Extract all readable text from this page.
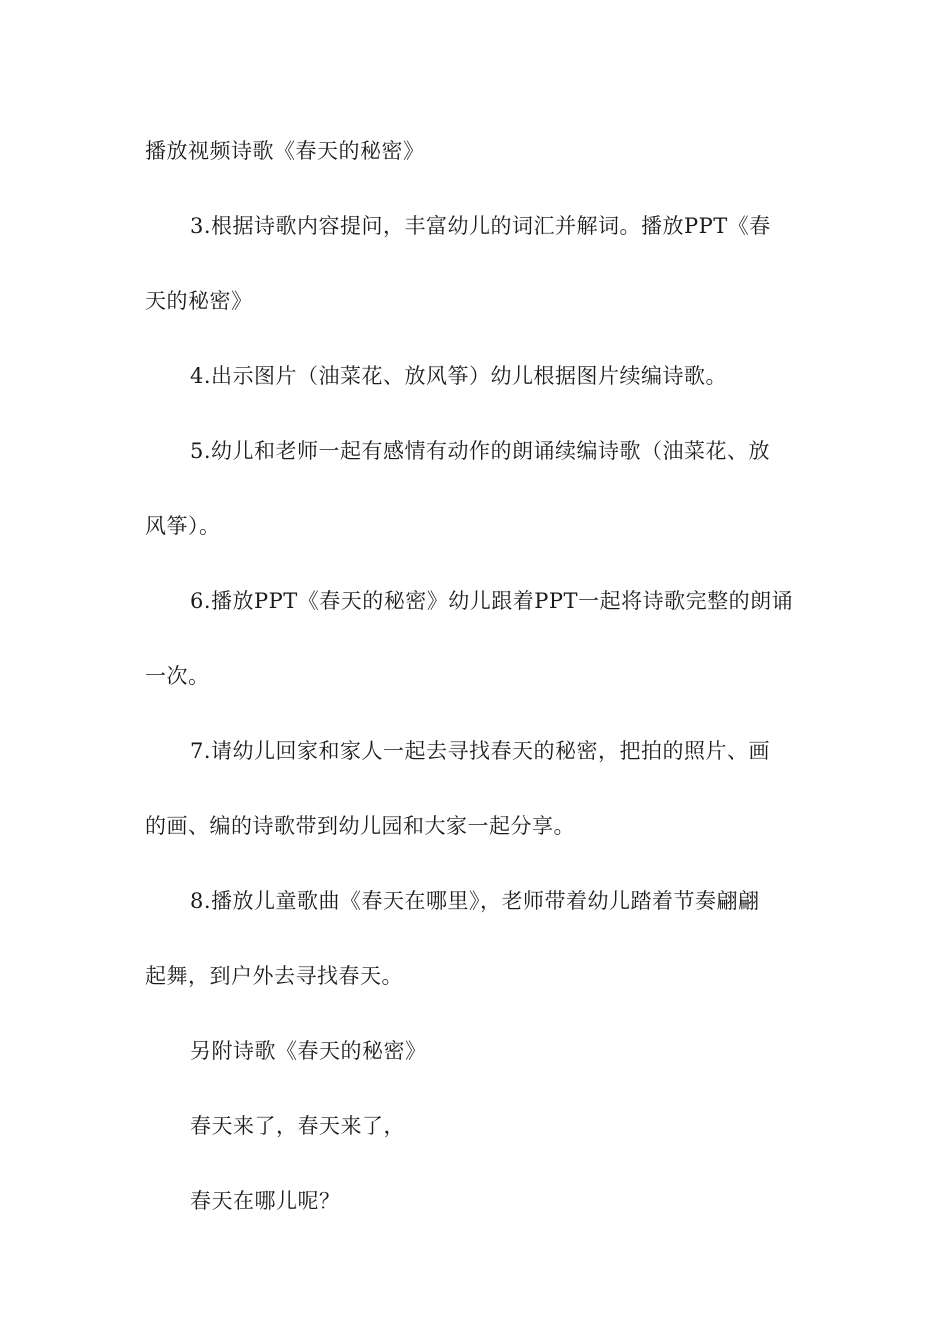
播放视频诗歌《春天的秘密》
3.根据诗歌内容提问，丰富幼儿的词汇并解词。播放PPT《春
天的秘密》
4.出示图片（油菜花、放风筝）幼儿根据图片续编诗歌。
5.幼儿和老师一起有感情有动作的朗诵续编诗歌（油菜花、放
风筝）。
6.播放PPT《春天的秘密》幼儿跟着PPT一起将诗歌完整的朗诵
一次。
7.请幼儿回家和家人一起去寻找春天的秘密，把拍的照片、画
的画、编的诗歌带到幼儿园和大家一起分享。
8.播放儿童歌曲《春天在哪里》，老师带着幼儿踏着节奏翩翩
起舞，到户外去寻找春天。
另附诗歌《春天的秘密》
春天来了，春天来了，
春天在哪儿呢？
